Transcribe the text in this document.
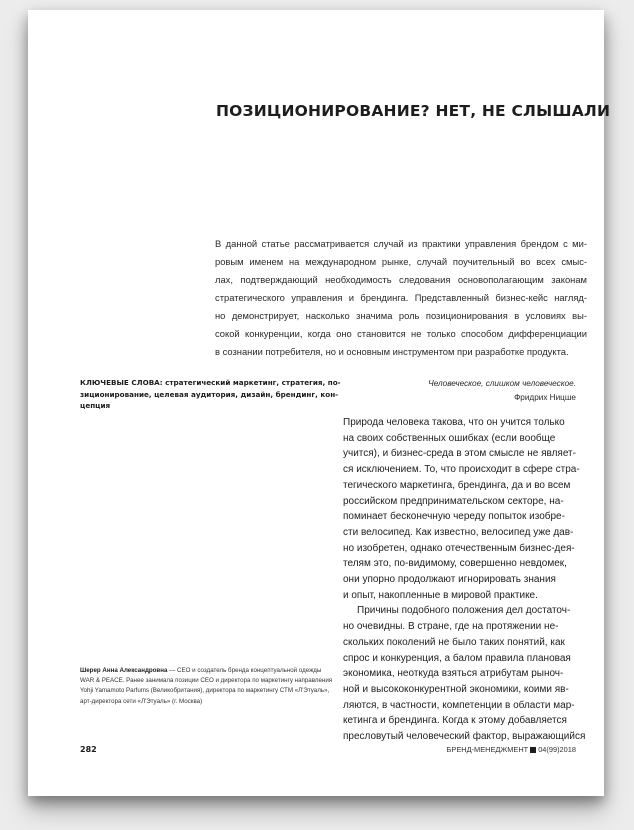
ПОЗИЦИОНИРОВАНИЕ? НЕТ, НЕ СЛЫШАЛИ
В данной статье рассматривается случай из практики управления брендом с ми-
ровым именем на международном рынке, случай поучительный во всех смыс-
лах, подтверждающий необходимость следования основополагающим законам
стратегического управления и брендинга. Представленный бизнес-кейс нагляд-
но демонстрирует, насколько значима роль позиционирования в условиях вы-
сокой конкуренции, когда оно становится не только способом дифференциации
в сознании потребителя, но и основным инструментом при разработке продукта.
КЛЮЧЕВЫЕ СЛОВА: стратегический маркетинг, стратегия, по-
зиционирование, целевая аудитория, дизайн, брендинг, кон-
цепция
Человеческое, слишком человеческое.
Фридрих Ницше
Природа человека такова, что он учится только
на своих собственных ошибках (если вообще
учится), и бизнес-среда в этом смысле не являет-
ся исключением. То, что происходит в сфере стра-
тегического маркетинга, брендинга, да и во всем
российском предпринимательском секторе, на-
поминает бесконечную череду попыток изобре-
сти велосипед. Как известно, велосипед уже дав-
но изобретен, однако отечественным бизнес-дея-
телям это, по-видимому, совершенно невдомек,
они упорно продолжают игнорировать знания
и опыт, накопленные в мировой практике.
Причины подобного положения дел достаточ-
но очевидны. В стране, где на протяжении не-
скольких поколений не было таких понятий, как
спрос и конкуренция, а балом правила плановая
экономика, неоткуда взяться атрибутам рыноч-
ной и высококонкурентной экономики, коими яв-
ляются, в частности, компетенции в области мар-
кетинга и брендинга. Когда к этому добавляется
пресловутый человеческий фактор, выражающийся
Шерер Анна Александровна — СЕО и создатель бренда концептуальной одежды
WAR & PEACE. Ранее занимала позиции СЕО и директора по маркетингу направления
Yohji Yamamoto Parfums (Великобритания), директора по маркетингу СТМ «Л'Этуаль»,
арт-директора сети «Л'Этуаль» (г. Москва)
282	БРЕНД-МЕНЕДЖМЕНТ 04(99)2018
